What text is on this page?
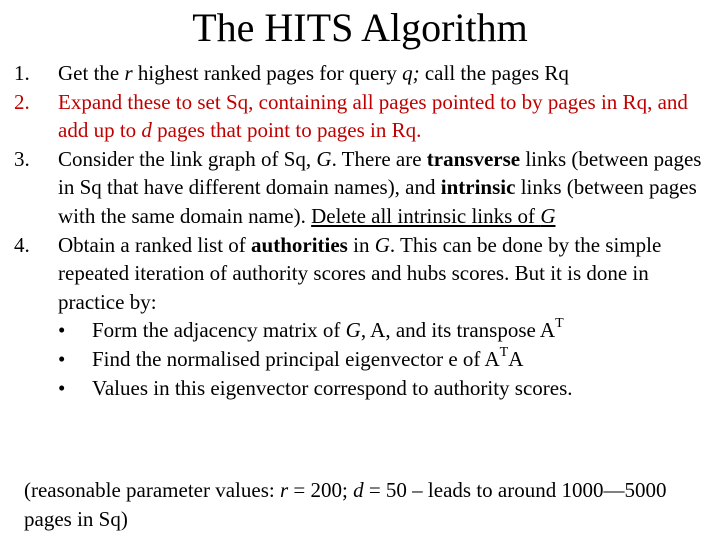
The HITS Algorithm
1. Get the r highest ranked pages for query q; call the pages Rq
2. Expand these to set Sq, containing all pages pointed to by pages in Rq, and add up to d pages that point to pages in Rq.
3. Consider the link graph of Sq, G. There are transverse links (between pages in Sq that have different domain names), and intrinsic links (between pages with the same domain name). Delete all intrinsic links of G
4. Obtain a ranked list of authorities in G. This can be done by the simple repeated iteration of authority scores and hubs scores. But it is done in practice by:
• Form the adjacency matrix of G, A, and its transpose $A^T$
• Find the normalised principal eigenvector e of $A^TA$
• Values in this eigenvector correspond to authority scores.
(reasonable parameter values: r = 200; d = 50 – leads to around 1000—5000 pages in Sq)
